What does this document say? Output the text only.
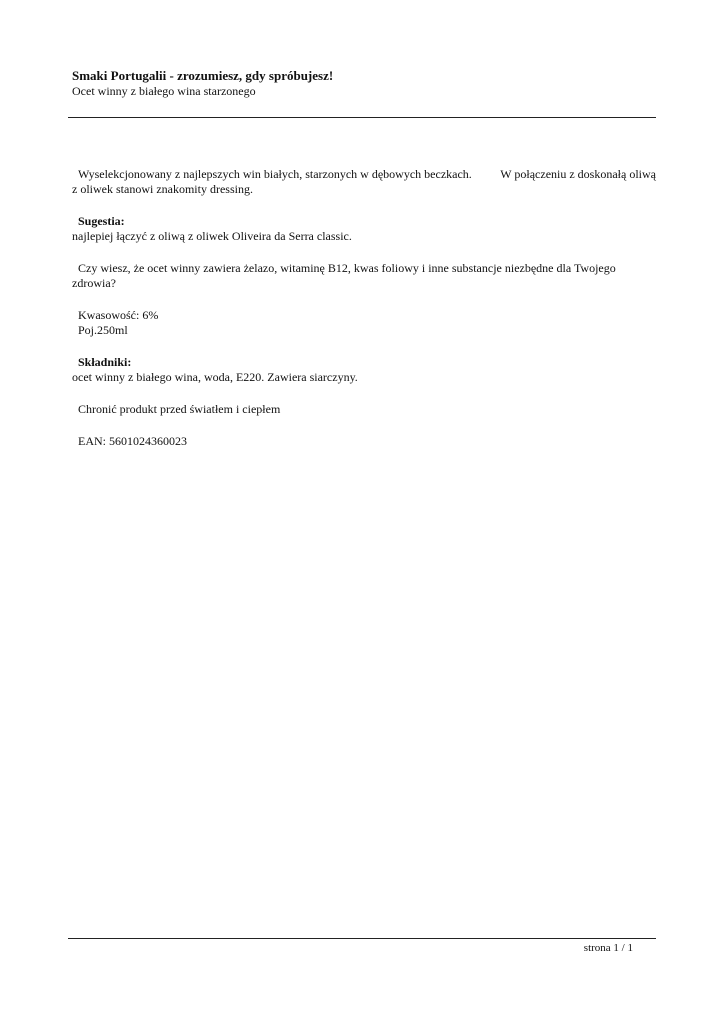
Smaki Portugalii - zrozumiesz, gdy spróbujesz!
Ocet winny z białego wina starzonego
Wyselekcjonowany z najlepszych win białych, starzonych w dębowych beczkach. W połączeniu z doskonałą oliwą
z oliwek stanowi znakomity dressing.
Sugestia:
najlepiej łączyć z oliwą z oliwek Oliveira da Serra classic.
Czy wiesz, że ocet winny zawiera żelazo, witaminę B12, kwas foliowy i inne substancje niezbędne dla Twojego
zdrowia?
Kwasowość: 6%
Poj.250ml
Składniki:
ocet winny z białego wina, woda, E220. Zawiera siarczyny.
Chronić produkt przed światłem i ciepłem
EAN: 5601024360023
strona 1 / 1
